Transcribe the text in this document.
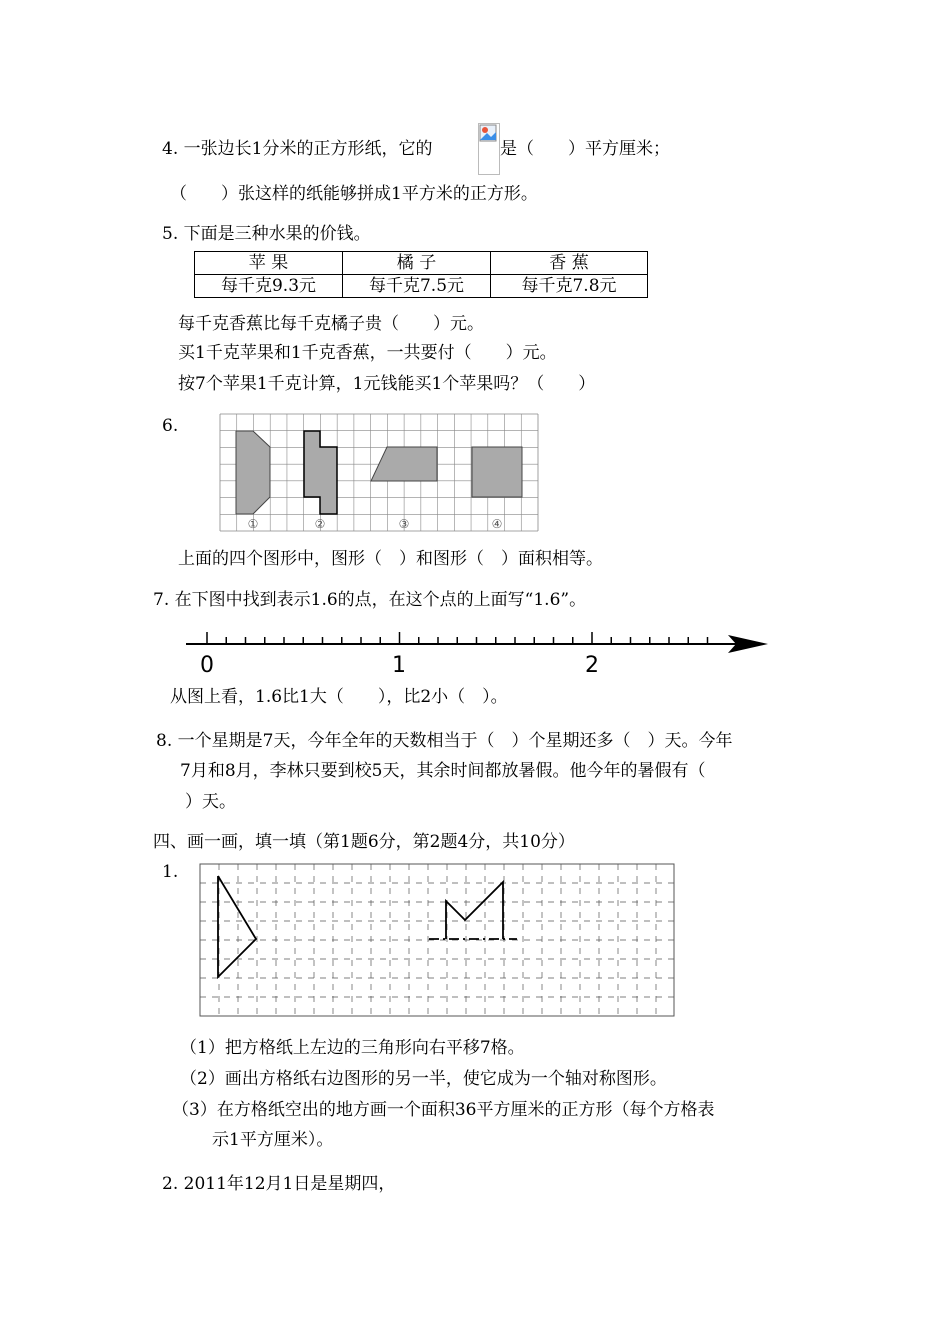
4. 一张边长1分米的正方形纸，它的	是（　　）平方厘米；
（　　）张这样的纸能够拼成1平方米的正方形。
5. 下面是三种水果的价钱。
苹 果	橘 子	香 蕉
每千克9.3元	每千克7.5元	每千克7.8元
每千克香蕉比每千克橘子贵（　　）元。
买1千克苹果和1千克香蕉，一共要付（　　）元。
按7个苹果1千克计算，1元钱能买1个苹果吗？（　　）
6.
①	②	③	④
上面的四个图形中，图形（　）和图形（　）面积相等。
7. 在下图中找到表示1.6的点，在这个点的上面写“1.6”。
0	1	2
从图上看，1.6比1大（　　），比2小（　）。
8. 一个星期是7天，今年全年的天数相当于（　）个星期还多（　）天。今年
7月和8月，李林只要到校5天，其余时间都放暑假。他今年的暑假有（
）天。
四、画一画，填一填（第1题6分，第2题4分，共10分）
1.
（1）把方格纸上左边的三角形向右平移7格。
（2）画出方格纸右边图形的另一半，使它成为一个轴对称图形。
（3）在方格纸空出的地方画一个面积36平方厘米的正方形（每个方格表
示1平方厘米）。
2. 2011年12月1日是星期四，
